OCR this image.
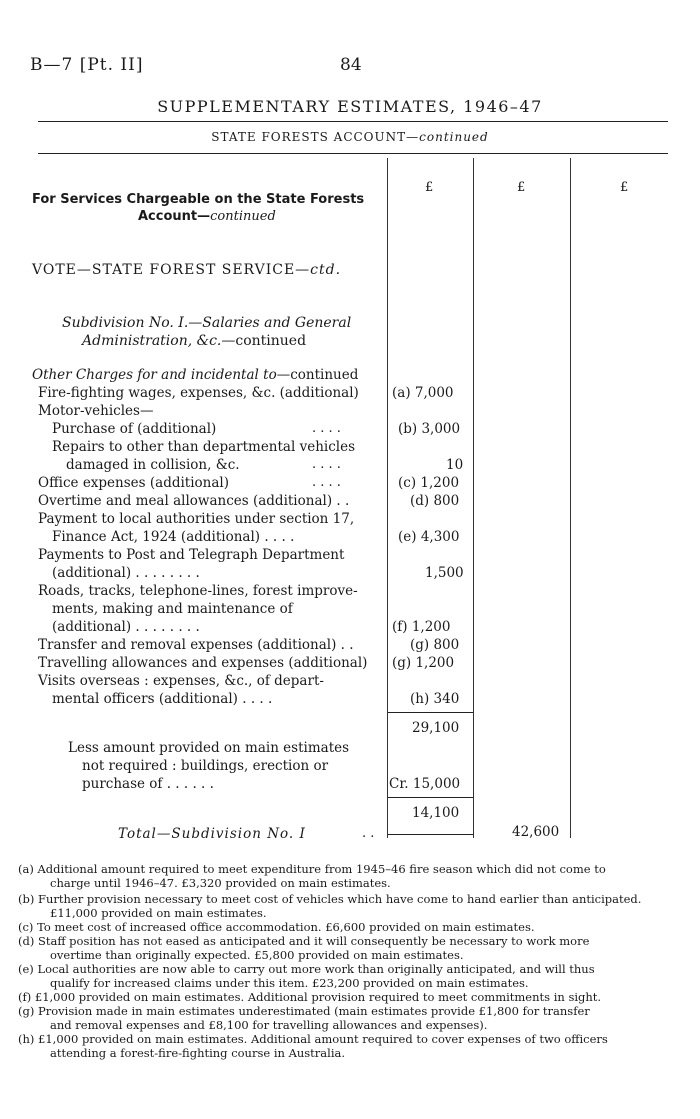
B—7 [Pt. II]	84
SUPPLEMENTARY ESTIMATES, 1946–47
STATE FORESTS ACCOUNT—continued
£	£	£
For Services Chargeable on the State Forests
Account—continued
VOTE—STATE FOREST SERVICE—ctd.
Subdivision No. I.—Salaries and General
Administration, &c.—continued
Other Charges for and incidental to—continued
Fire-fighting wages, expenses, &c. (additional) (a) 7,000
Motor-vehicles—
Purchase of (additional)	. . . .	(b) 3,000
Repairs to other than departmental vehicles
damaged in collision, &c.	. . . .	10
Office expenses (additional)	. . . .	(c) 1,200
Overtime and meal allowances (additional) . .	(d) 800
Payment to local authorities under section 17,
Finance Act, 1924 (additional) . . . .	(e) 4,300
Payments to Post and Telegraph Department
(additional) . . . . . . . .	1,500
Roads, tracks, telephone-lines, forest improve-
ments, making and maintenance of
(additional) . . . . . . . .	(f) 1,200
Transfer and removal expenses (additional) . .	(g) 800
Travelling allowances and expenses (additional) (g) 1,200
Visits overseas : expenses, &c., of depart-
mental officers (additional) . . . .	(h) 340
29,100
Less amount provided on main estimates
not required : buildings, erection or
purchase of . . . . . .	Cr. 15,000
14,100
Total—Subdivision No. I	. .	42,600
(a) Additional amount required to meet expenditure from 1945–46 fire season which did not come to
charge until 1946–47. £3,320 provided on main estimates.
(b) Further provision necessary to meet cost of vehicles which have come to hand earlier than anticipated.
£11,000 provided on main estimates.
(c) To meet cost of increased office accommodation. £6,600 provided on main estimates.
(d) Staff position has not eased as anticipated and it will consequently be necessary to work more
overtime than originally expected. £5,800 provided on main estimates.
(e) Local authorities are now able to carry out more work than originally anticipated, and will thus
qualify for increased claims under this item. £23,200 provided on main estimates.
(f) £1,000 provided on main estimates. Additional provision required to meet commitments in sight.
(g) Provision made in main estimates underestimated (main estimates provide £1,800 for transfer
and removal expenses and £8,100 for travelling allowances and expenses).
(h) £1,000 provided on main estimates. Additional amount required to cover expenses of two officers
attending a forest-fire-fighting course in Australia.
